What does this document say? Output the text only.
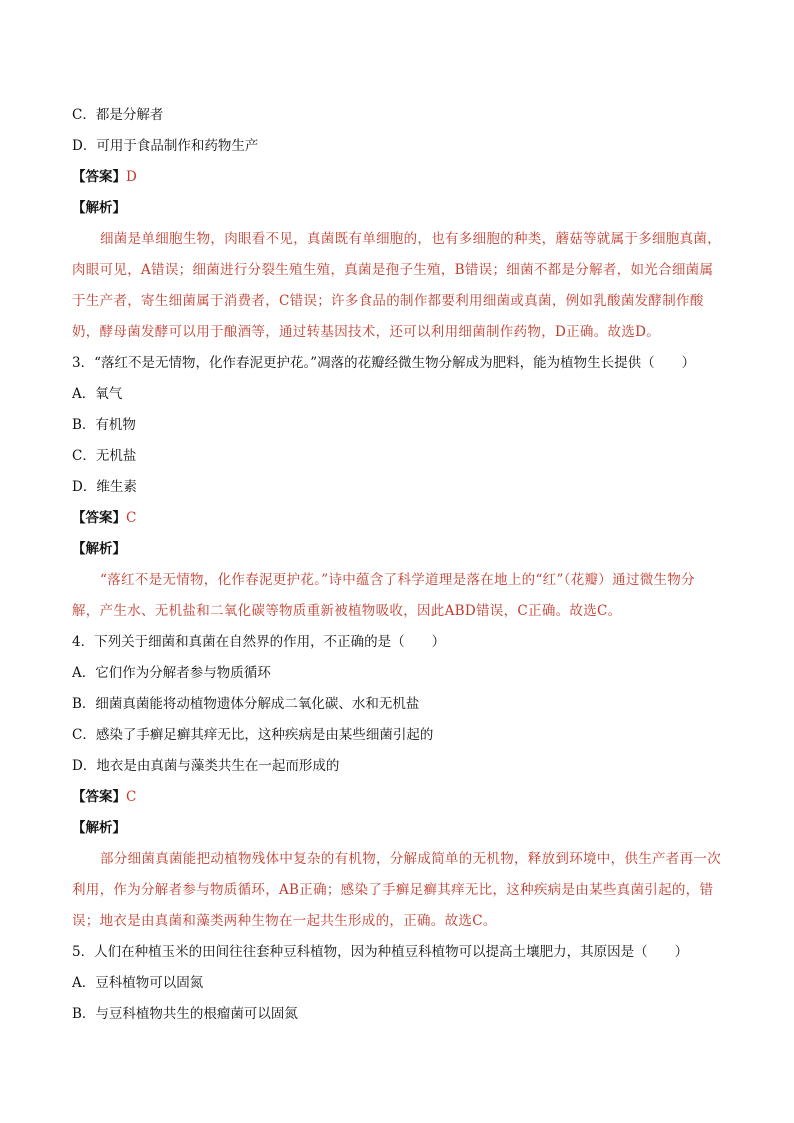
C．都是分解者
D．可用于食品制作和药物生产
【答案】D
【解析】

细菌是单细胞生物，肉眼看不见，真菌既有单细胞的，也有多细胞的种类，蘑菇等就属于多细胞真菌，肉眼可见，A错误；细菌进行分裂生殖生殖，真菌是孢子生殖，B错误；细菌不都是分解者，如光合细菌属于生产者，寄生细菌属于消费者，C错误；许多食品的制作都要利用细菌或真菌，例如乳酸菌发酵制作酸奶，酵母菌发酵可以用于酿酒等，通过转基因技术，还可以利用细菌制作药物，D正确。故选D。

3．“落红不是无情物，化作春泥更护花。”凋落的花瓣经微生物分解成为肥料，能为植物生长提供（　　）
A．氧气
B．有机物
C．无机盐
D．维生素
【答案】C
【解析】

“落红不是无情物，化作春泥更护花。”诗中蕴含了科学道理是落在地上的“红”（花瓣）通过微生物分解，产生水、无机盐和二氧化碳等物质重新被植物吸收，因此ABD错误，C正确。故选C。

4．下列关于细菌和真菌在自然界的作用，不正确的是（　　）
A．它们作为分解者参与物质循环
B．细菌真菌能将动植物遗体分解成二氧化碳、水和无机盐
C．感染了手癣足癣其痒无比，这种疾病是由某些细菌引起的
D．地衣是由真菌与藻类共生在一起而形成的
【答案】C
【解析】

部分细菌真菌能把动植物残体中复杂的有机物，分解成简单的无机物，释放到环境中，供生产者再一次利用，作为分解者参与物质循环，AB正确；感染了手癣足癣其痒无比，这种疾病是由某些真菌引起的，错误；地衣是由真菌和藻类两种生物在一起共生形成的，正确。故选C。

5．人们在种植玉米的田间往往套种豆科植物，因为种植豆科植物可以提高土壤肥力，其原因是（　　）
A．豆科植物可以固氮
B．与豆科植物共生的根瘤菌可以固氮
